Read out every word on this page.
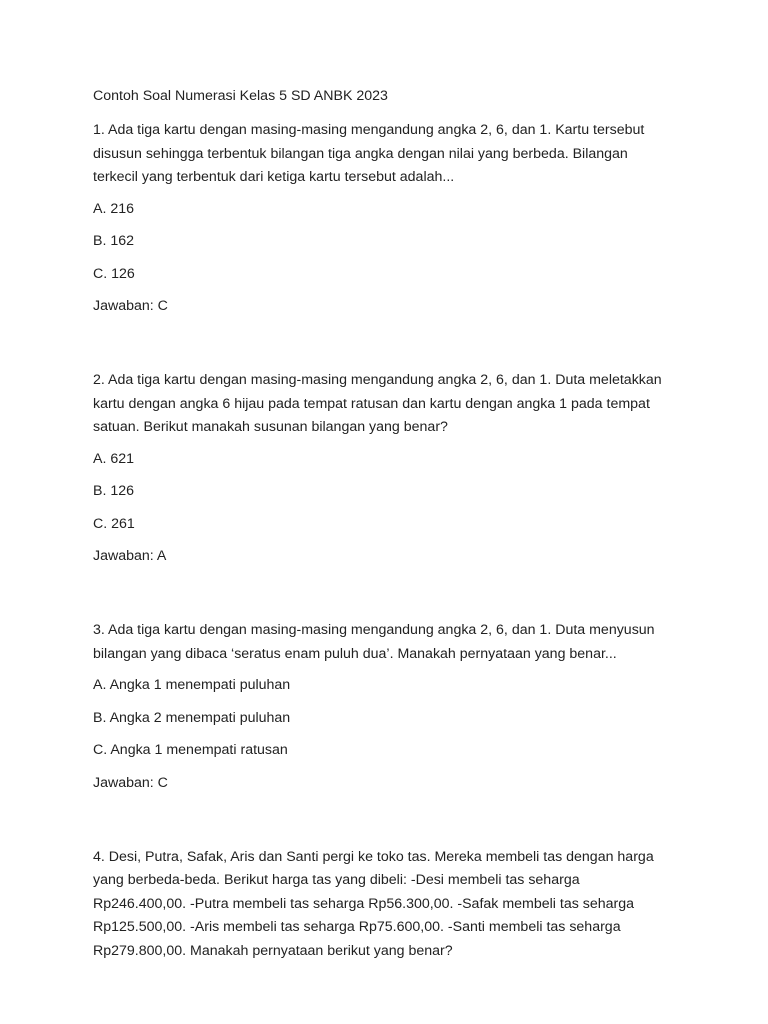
Contoh Soal Numerasi Kelas 5 SD ANBK 2023

1. Ada tiga kartu dengan masing-masing mengandung angka 2, 6, dan 1. Kartu tersebut disusun sehingga terbentuk bilangan tiga angka dengan nilai yang berbeda. Bilangan terkecil yang terbentuk dari ketiga kartu tersebut adalah...

A. 216

B. 162

C. 126

Jawaban: C

2. Ada tiga kartu dengan masing-masing mengandung angka 2, 6, dan 1. Duta meletakkan kartu dengan angka 6 hijau pada tempat ratusan dan kartu dengan angka 1 pada tempat satuan. Berikut manakah susunan bilangan yang benar?

A. 621

B. 126

C. 261

Jawaban: A

3. Ada tiga kartu dengan masing-masing mengandung angka 2, 6, dan 1. Duta menyusun bilangan yang dibaca ‘seratus enam puluh dua’. Manakah pernyataan yang benar...

A. Angka 1 menempati puluhan

B. Angka 2 menempati puluhan

C. Angka 1 menempati ratusan

Jawaban: C

4. Desi, Putra, Safak, Aris dan Santi pergi ke toko tas. Mereka membeli tas dengan harga yang berbeda-beda. Berikut harga tas yang dibeli: -Desi membeli tas seharga Rp246.400,00. -Putra membeli tas seharga Rp56.300,00. -Safak membeli tas seharga Rp125.500,00. -Aris membeli tas seharga Rp75.600,00. -Santi membeli tas seharga Rp279.800,00. Manakah pernyataan berikut yang benar?
